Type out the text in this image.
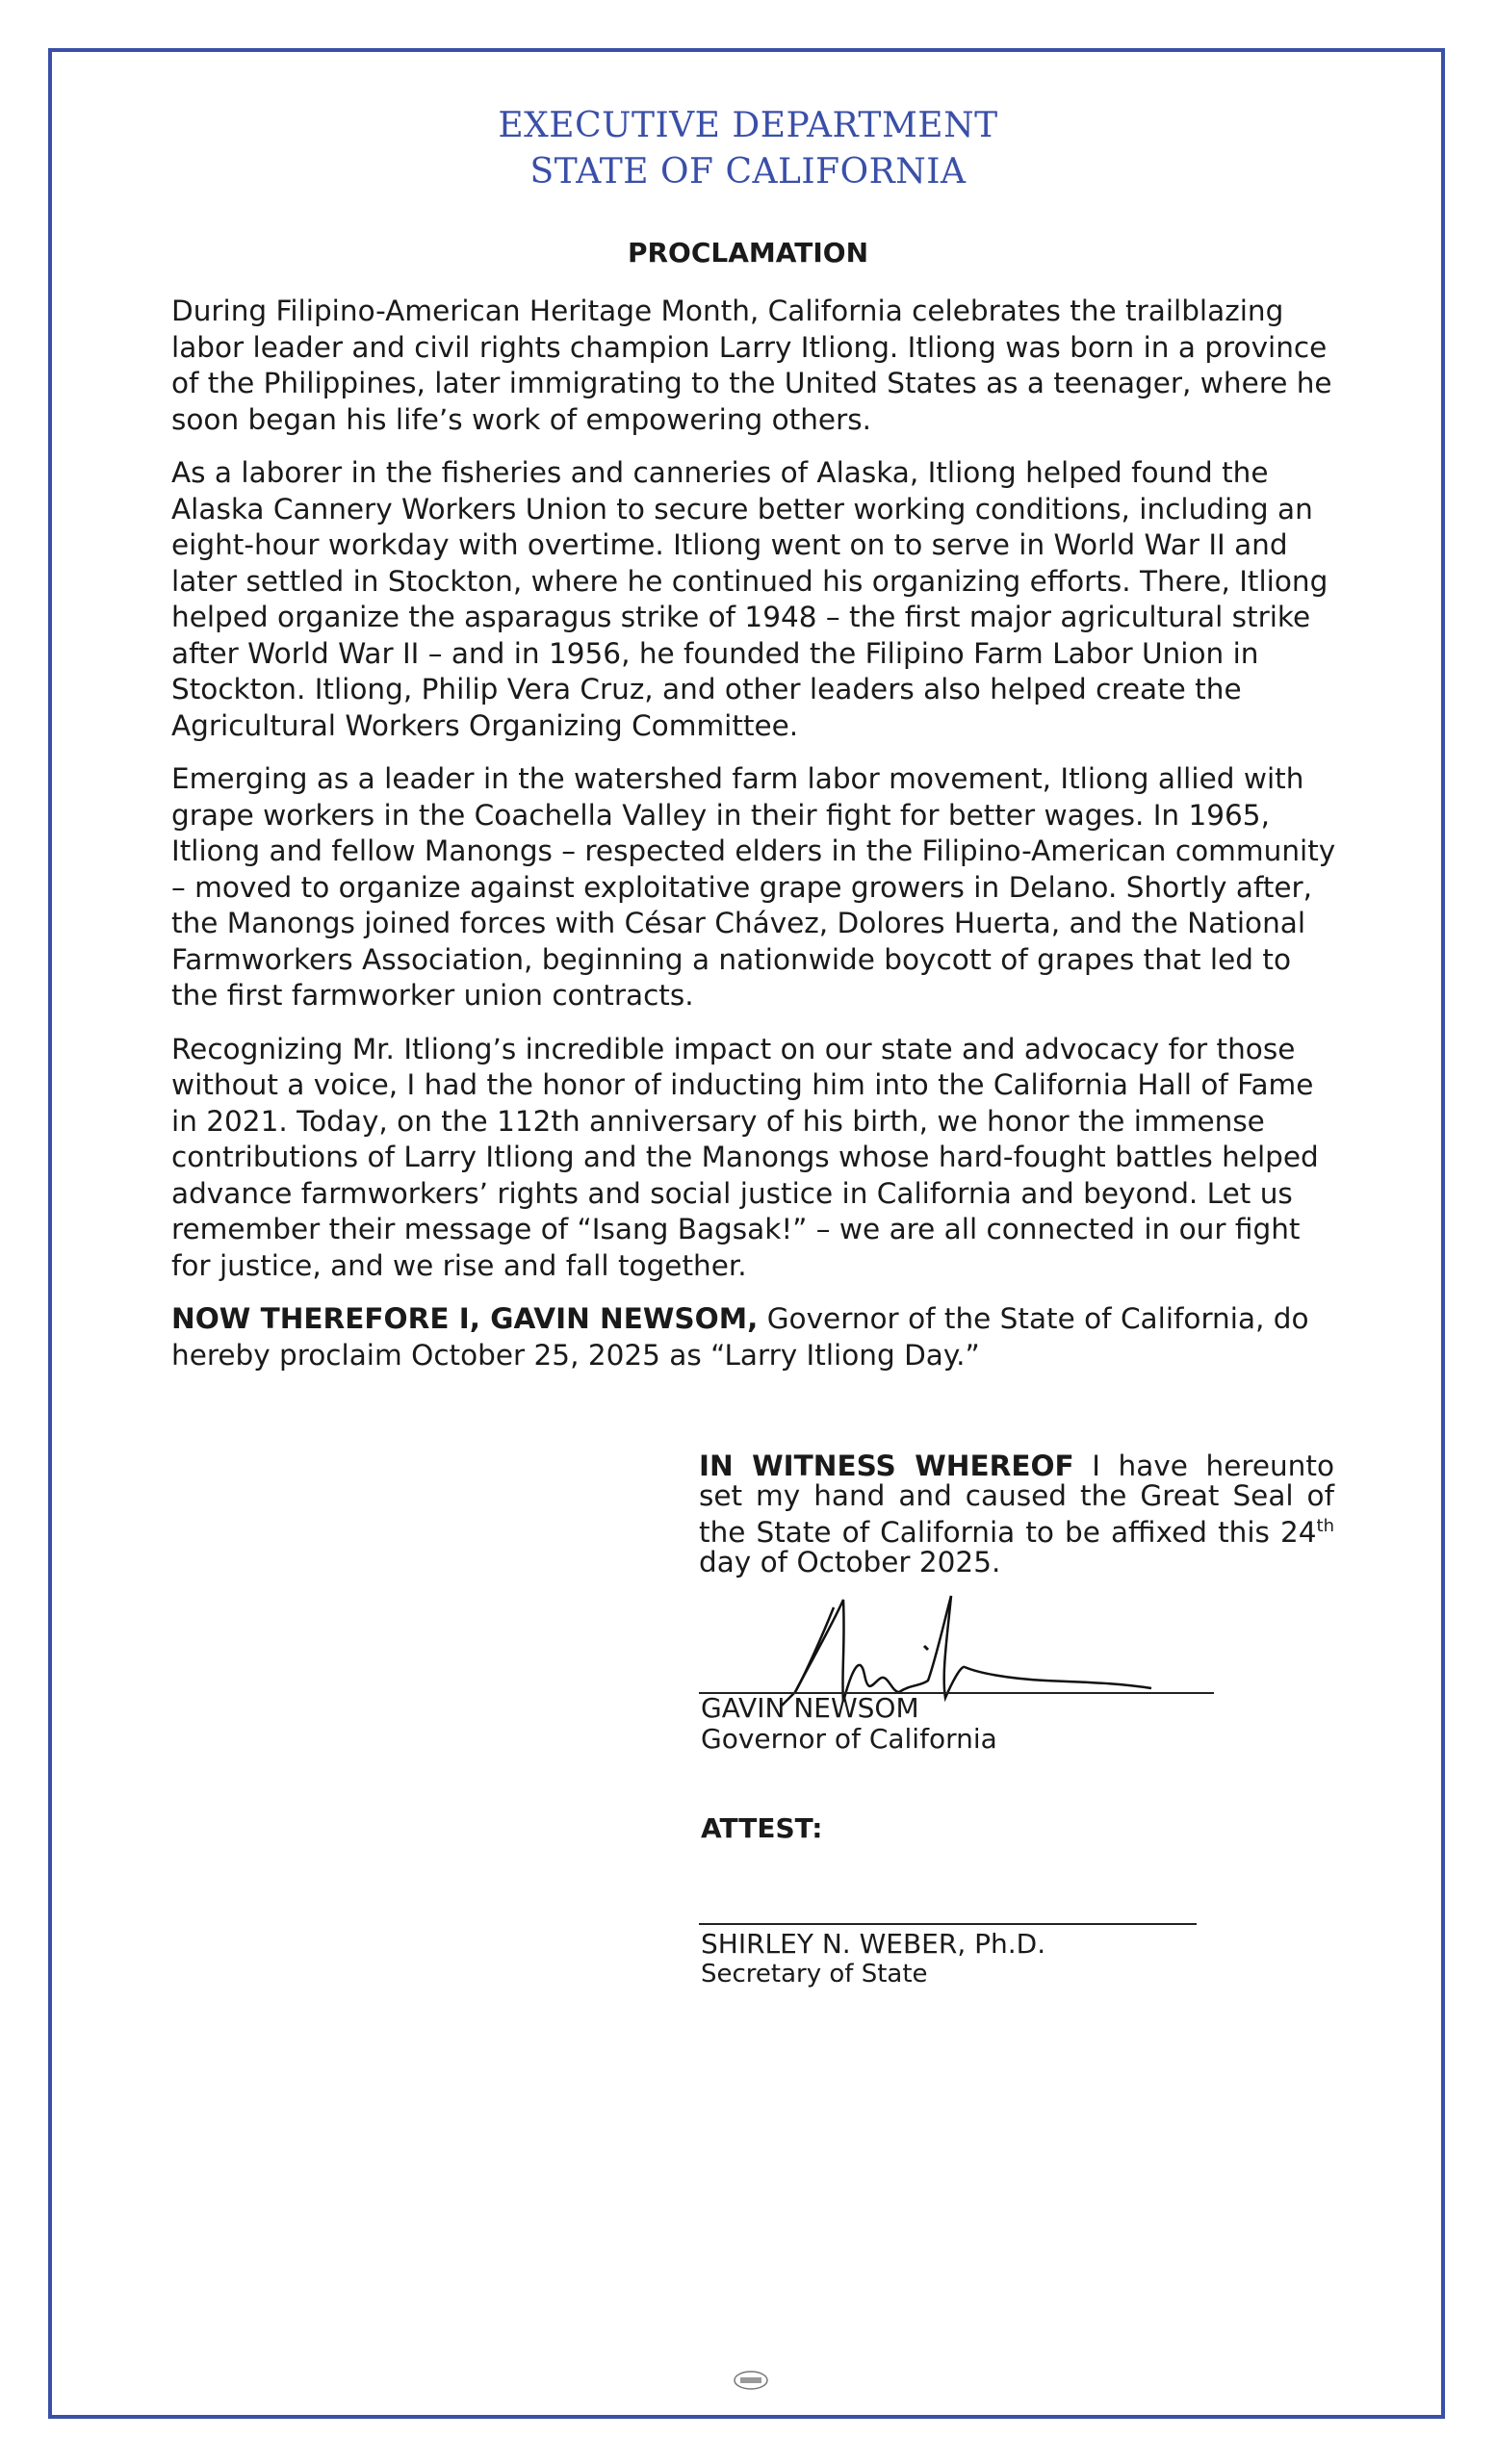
EXECUTIVE DEPARTMENT
STATE OF CALIFORNIA
PROCLAMATION

During Filipino-American Heritage Month, California celebrates the trailblazing labor leader and civil rights champion Larry Itliong. Itliong was born in a province of the Philippines, later immigrating to the United States as a teenager, where he soon began his life’s work of empowering others.

As a laborer in the fisheries and canneries of Alaska, Itliong helped found the Alaska Cannery Workers Union to secure better working conditions, including an eight-hour workday with overtime. Itliong went on to serve in World War II and later settled in Stockton, where he continued his organizing efforts. There, Itliong helped organize the asparagus strike of 1948 – the first major agricultural strike after World War II – and in 1956, he founded the Filipino Farm Labor Union in Stockton. Itliong, Philip Vera Cruz, and other leaders also helped create the Agricultural Workers Organizing Committee.

Emerging as a leader in the watershed farm labor movement, Itliong allied with grape workers in the Coachella Valley in their fight for better wages. In 1965, Itliong and fellow Manongs – respected elders in the Filipino-American community – moved to organize against exploitative grape growers in Delano. Shortly after, the Manongs joined forces with César Chávez, Dolores Huerta, and the National Farmworkers Association, beginning a nationwide boycott of grapes that led to the first farmworker union contracts.

Recognizing Mr. Itliong’s incredible impact on our state and advocacy for those without a voice, I had the honor of inducting him into the California Hall of Fame in 2021. Today, on the 112th anniversary of his birth, we honor the immense contributions of Larry Itliong and the Manongs whose hard-fought battles helped advance farmworkers’ rights and social justice in California and beyond. Let us remember their message of “Isang Bagsak!” – we are all connected in our fight for justice, and we rise and fall together.

NOW THEREFORE I, GAVIN NEWSOM, Governor of the State of California, do hereby proclaim October 25, 2025 as “Larry Itliong Day.”

IN WITNESS WHEREOF I have hereunto set my hand and caused the Great Seal of the State of California to be affixed this 24th day of October 2025.
GAVIN NEWSOM
Governor of California
ATTEST:
SHIRLEY N. WEBER, Ph.D.
Secretary of State
